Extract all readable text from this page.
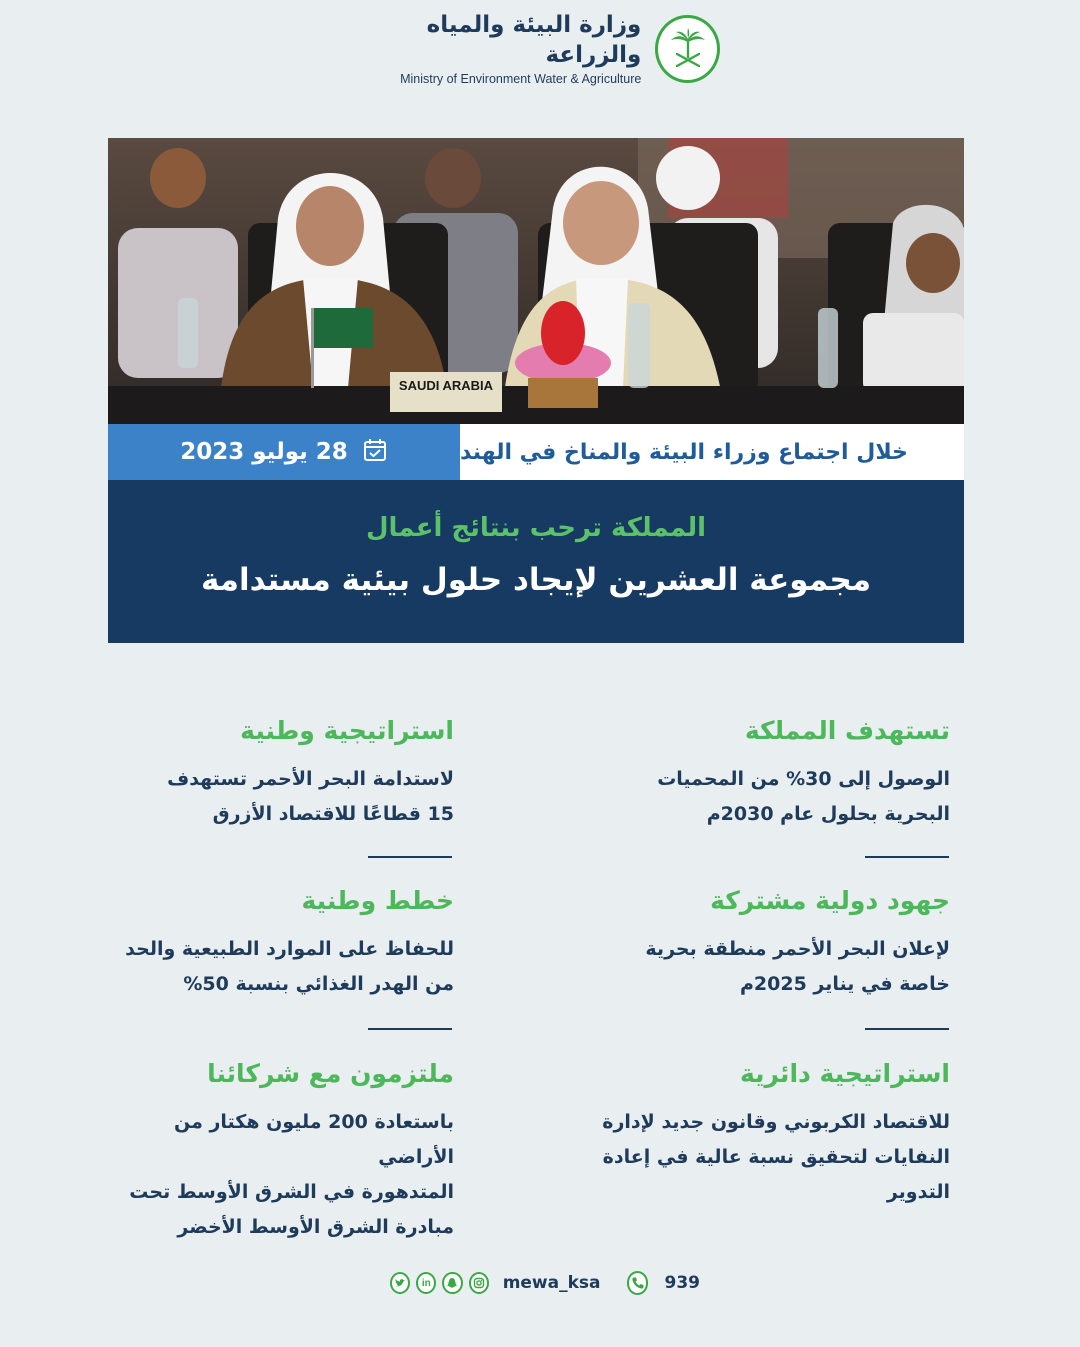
وزارة البيئة والمياه والزراعة
Ministry of Environment Water & Agriculture
SAUDI ARABIA
28 يوليو 2023	خلال اجتماع وزراء البيئة والمناخ في الهند
المملكة ترحب بنتائج أعمال
مجموعة العشرين لإيجاد حلول بيئية مستدامة
تستهدف المملكة
الوصول إلى 30% من المحميات
البحرية بحلول عام 2030م
جهود دولية مشتركة
لإعلان البحر الأحمر منطقة بحرية
خاصة في يناير 2025م
استراتيجية دائرية
للاقتصاد الكربوني وقانون جديد لإدارة
النفايات لتحقيق نسبة عالية في إعادة
التدوير
استراتيجية وطنية
لاستدامة البحر الأحمر تستهدف
15 قطاعًا للاقتصاد الأزرق
خطط وطنية
للحفاظ على الموارد الطبيعية والحد
من الهدر الغذائي بنسبة 50%
ملتزمون مع شركائنا
باستعادة 200 مليون هكتار من الأراضي
المتدهورة في الشرق الأوسط تحت
مبادرة الشرق الأوسط الأخضر
in	mewa_ksa	939
